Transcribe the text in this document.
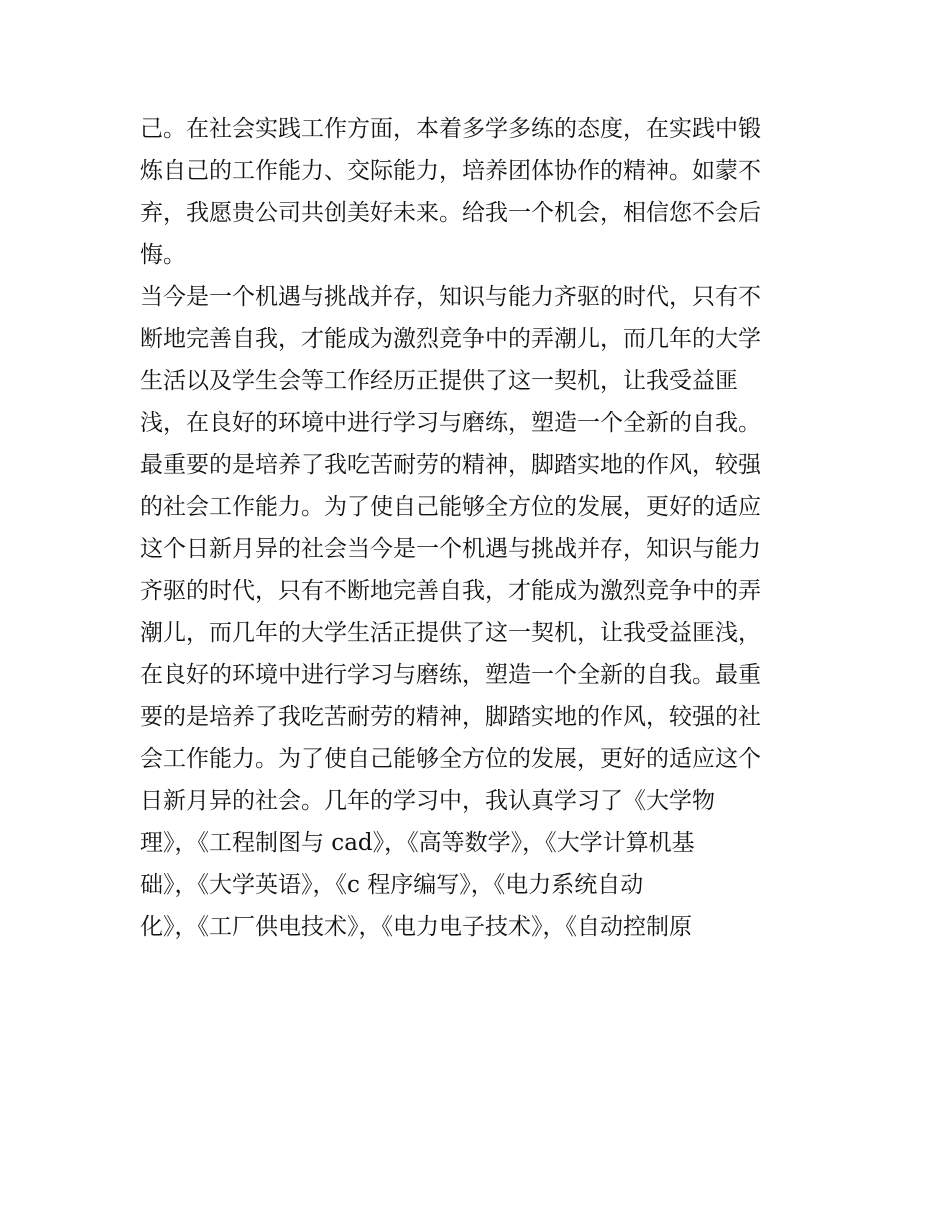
己。在社会实践工作方面，本着多学多练的态度，在实践中锻
炼自己的工作能力、交际能力，培养团体协作的精神。如蒙不
弃，我愿贵公司共创美好未来。给我一个机会，相信您不会后
悔。
当今是一个机遇与挑战并存，知识与能力齐驱的时代，只有不
断地完善自我，才能成为激烈竞争中的弄潮儿，而几年的大学
生活以及学生会等工作经历正提供了这一契机，让我受益匪
浅，在良好的环境中进行学习与磨练，塑造一个全新的自我。
最重要的是培养了我吃苦耐劳的精神，脚踏实地的作风，较强
的社会工作能力。为了使自己能够全方位的发展，更好的适应
这个日新月异的社会当今是一个机遇与挑战并存，知识与能力
齐驱的时代，只有不断地完善自我，才能成为激烈竞争中的弄
潮儿，而几年的大学生活正提供了这一契机，让我受益匪浅，
在良好的环境中进行学习与磨练，塑造一个全新的自我。最重
要的是培养了我吃苦耐劳的精神，脚踏实地的作风，较强的社
会工作能力。为了使自己能够全方位的发展，更好的适应这个
日新月异的社会。几年的学习中，我认真学习了《大学物
理》，《工程制图与 cad》，《高等数学》，《大学计算机基
础》，《大学英语》，《c 程序编写》，《电力系统自动
化》，《工厂供电技术》，《电力电子技术》，《自动控制原
